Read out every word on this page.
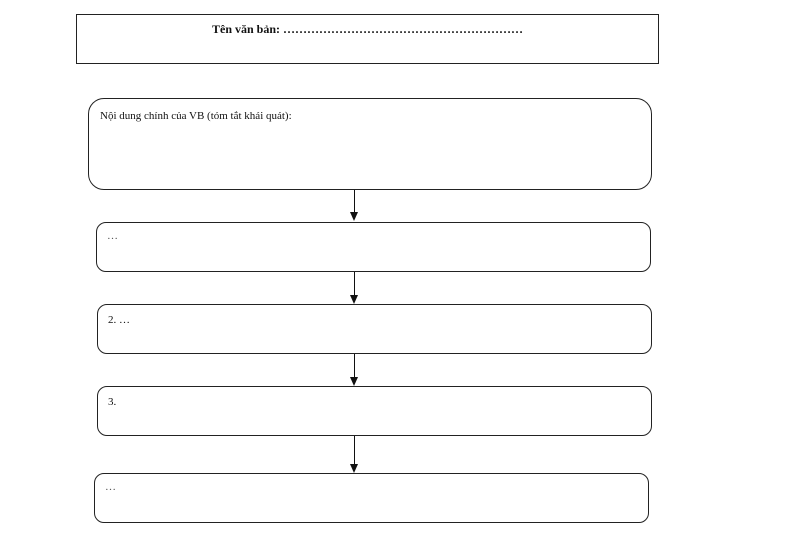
Tên văn bản: ……………………………………………………
Nội dung chính của VB (tóm tắt khái quát):
…
2. …
3.
…
